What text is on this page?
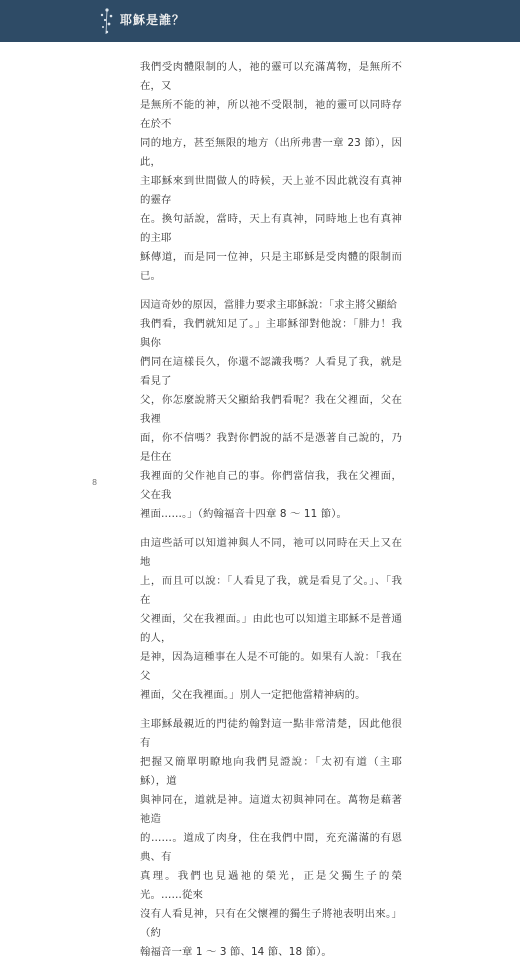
耶穌是誰？

我們受肉體限制的人，祂的靈可以充滿萬物，是無所不在，又
是無所不能的神，所以祂不受限制，祂的靈可以同時存在於不
同的地方，甚至無限的地方（出所弗書一章 23 節），因此，
主耶穌來到世間做人的時候，天上並不因此就沒有真神的靈存
在。換句話說，當時，天上有真神，同時地上也有真神的主耶
穌傳道，而是同一位神，只是主耶穌是受肉體的限制而已。

因這奇妙的原因，當腓力要求主耶穌說：「求主將父顯給
我們看，我們就知足了。」主耶穌卻對他說：「腓力！我與你
們同在這樣長久，你還不認識我嗎？人看見了我，就是看見了
父，你怎麼說將天父顯給我們看呢？我在父裡面，父在我裡
面，你不信嗎？我對你們說的話不是憑著自己說的，乃是住在
我裡面的父作祂自己的事。你們當信我，我在父裡面，父在我
裡面……。」（約翰福音十四章 8 ～ 11 節）。

由這些話可以知道神與人不同，祂可以同時在天上又在地
上，而且可以說：「人看見了我，就是看見了父。」、「我在
父裡面，父在我裡面。」由此也可以知道主耶穌不是普通的人，
是神，因為這種事在人是不可能的。如果有人說：「我在父
裡面，父在我裡面。」別人一定把他當精神病的。

主耶穌最親近的門徒約翰對這一點非常清楚，因此他很有
把握又簡單明瞭地向我們見證說：「太初有道（主耶穌），道
與神同在，道就是神。這道太初與神同在。萬物是藉著祂造
的……。道成了肉身，住在我們中間，充充滿滿的有恩典、有
真理。我們也見過祂的榮光，正是父獨生子的榮光。……從來
沒有人看見神，只有在父懷裡的獨生子將祂表明出來。」（約
翰福音一章 1 ～ 3 節、14 節、18 節）。

8
